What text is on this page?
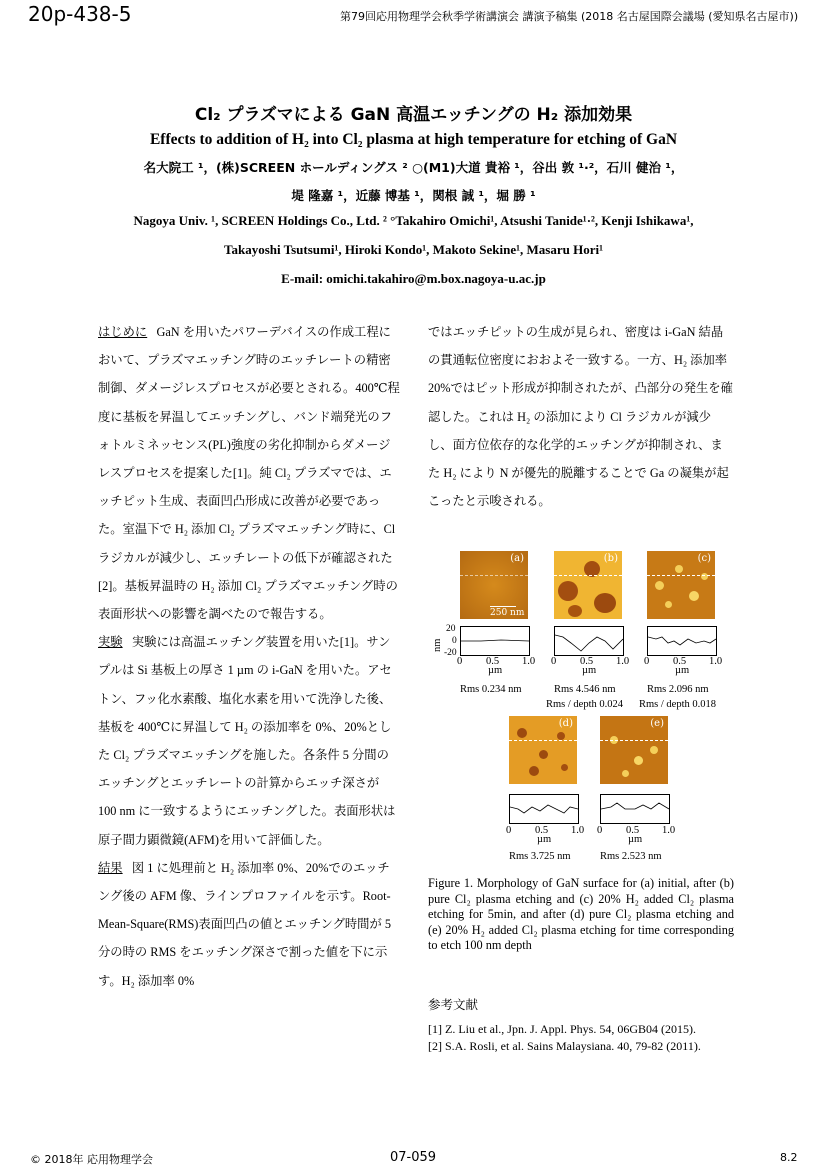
20p-438-5	第79回応用物理学会秋季学術講演会 講演予稿集 (2018 名古屋国際会議場 (愛知県名古屋市))
Cl₂ プラズマによる GaN 高温エッチングの H₂ 添加効果
Effects to addition of H₂ into Cl₂ plasma at high temperature for etching of GaN
名大院工 ¹，(株)SCREEN ホールディングス ² ○(M1)大道 貴裕 ¹，谷出 敦 ¹·²，石川 健治 ¹，
堤 隆嘉 ¹，近藤 博基 ¹，関根 誠 ¹，堀 勝 ¹
Nagoya Univ. ¹, SCREEN Holdings Co., Ltd. ² °Takahiro Omichi¹, Atsushi Tanide¹·², Kenji Ishikawa¹,
Takayoshi Tsutsumi¹, Hiroki Kondo¹, Makoto Sekine¹, Masaru Hori¹
E-mail: omichi.takahiro@m.box.nagoya-u.ac.jp
はじめに GaN を用いたパワーデバイスの作成工程において、プラズマエッチング時のエッチレートの精密制御、ダメージレスプロセスが必要とされる。400℃程度に基板を昇温してエッチングし、バンド端発光のフォトルミネッセンス(PL)強度の劣化抑制からダメージレスプロセスを提案した[1]。純 Cl₂ プラズマでは、エッチピット生成、表面凹凸形成に改善が必要であった。室温下で H₂ 添加 Cl₂ プラズマエッチング時に、Cl ラジカルが減少し、エッチレートの低下が確認された[2]。基板昇温時の H₂ 添加 Cl₂ プラズマエッチング時の表面形状への影響を調べたので報告する。
実験 実験には高温エッチング装置を用いた[1]。サンプルは Si 基板上の厚さ 1 µm の i-GaN を用いた。アセトン、フッ化水素酸、塩化水素を用いて洗浄した後、基板を 400℃に昇温して H₂ の添加率を 0%、20%とした Cl₂ プラズマエッチングを施した。各条件 5 分間のエッチングとエッチレートの計算からエッチ深さが 100 nm に一致するようにエッチングした。表面形状は原子間力顕微鏡(AFM)を用いて評価した。
結果 図 1 に処理前と H₂ 添加率 0%、20%でのエッチング後の AFM 像、ラインプロファイルを示す。Root-Mean-Square(RMS)表面凹凸の値とエッチング時間が 5 分の時の RMS をエッチング深さで割った値を下に示す。H₂ 添加率 0%
ではエッチピットの生成が見られ、密度は i-GaN 結晶の貫通転位密度におおよそ一致する。一方、H₂ 添加率 20%ではピット形成が抑制されたが、凸部分の発生を確認した。これは H₂ の添加により Cl ラジカルが減少し、面方位依存的な化学的エッチングが抑制され、また H₂ により N が優先的脱離することで Ga の凝集が起こったと示唆される。
(a)
250 nm
(b)	(c)
nm
20
0
-20
0 0.5 1.0
µm
0 0.5 1.0
µm
0 0.5 1.0
µm
Rms 0.234 nm	Rms 4.546 nm	Rms 2.096 nm
Rms / depth 0.024 Rms / depth 0.018
(d)	(e)
0 0.5 1.0
µm
0 0.5 1.0
µm
Rms 3.725 nm	Rms 2.523 nm
Figure 1. Morphology of GaN surface for (a) initial, after (b) pure Cl₂ plasma etching and (c) 20% H₂ added Cl₂ plasma etching for 5min, and after (d) pure Cl₂ plasma etching and (e) 20% H₂ added Cl₂ plasma etching for time corresponding to etch 100 nm depth
参考文献
[1] Z. Liu et al., Jpn. J. Appl. Phys. 54, 06GB04 (2015).
[2] S.A. Rosli, et al. Sains Malaysiana. 40, 79-82 (2011).
© 2018年 応用物理学会	07-059	8.2
